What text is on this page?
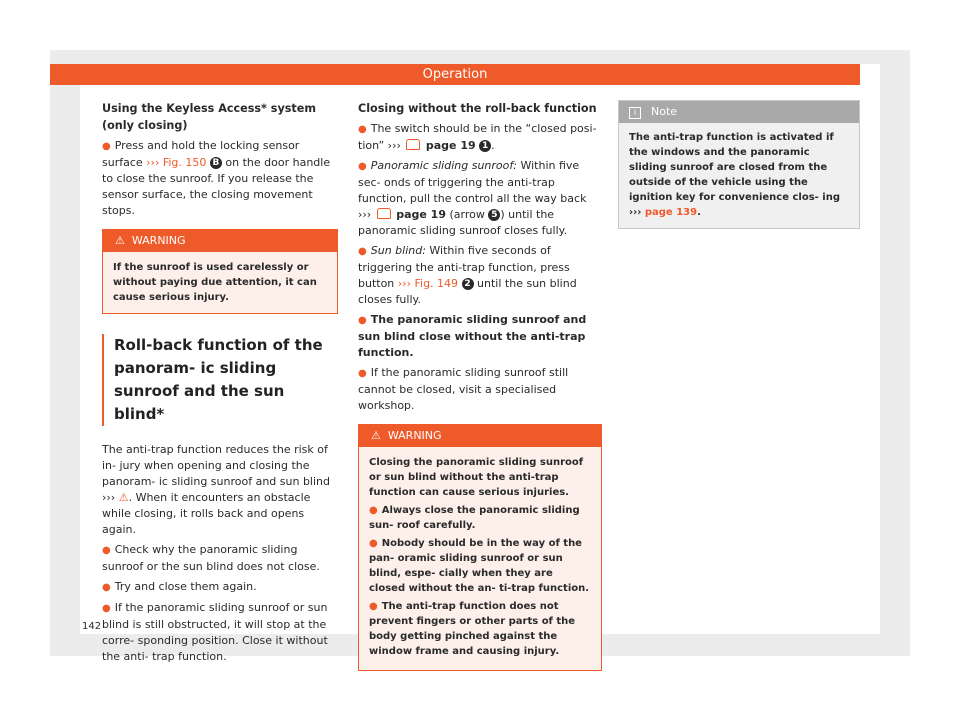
Operation
Using the Keyless Access* system (only closing)

● Press and hold the locking sensor surface ››› Fig. 150 B on the door handle to close the sunroof. If you release the sensor surface, the closing movement stops.

⚠ WARNING
If the sunroof is used carelessly or without paying due attention, it can cause serious injury.
Roll-back function of the panoram- ic sliding sunroof and the sun blind*

The anti-trap function reduces the risk of in- jury when opening and closing the panoram- ic sliding sunroof and sun blind ››› ⚠. When it encounters an obstacle while closing, it rolls back and opens again.

● Check why the panoramic sliding sunroof or the sun blind does not close.

● Try and close them again.

● If the panoramic sliding sunroof or sun blind is still obstructed, it will stop at the corre- sponding position. Close it without the anti- trap function.

Closing without the roll-back function

● The switch should be in the “closed posi- tion” ››› page 19 1 .

● Panoramic sliding sunroof: Within five sec- onds of triggering the anti-trap function, pull the control all the way back ››› page 19 (arrow 5 ) until the panoramic sliding sunroof closes fully.

● Sun blind: Within five seconds of triggering the anti-trap function, press button ››› Fig. 149 2 until the sun blind closes fully.

● The panoramic sliding sunroof and sun blind close without the anti-trap function.

● If the panoramic sliding sunroof still cannot be closed, visit a specialised workshop.

⚠ WARNING

Closing the panoramic sliding sunroof or sun blind without the anti-trap function can cause serious injuries.

● Always close the panoramic sliding sun- roof carefully.

● Nobody should be in the way of the pan- oramic sliding sunroof or sun blind, espe- cially when they are closed without the an- ti-trap function.

● The anti-trap function does not prevent fingers or other parts of the body getting pinched against the window frame and causing injury.

i Note
The anti-trap function is activated if the windows and the panoramic sliding sunroof are closed from the outside of the vehicle using the ignition key for convenience clos- ing ››› page 139.
142
